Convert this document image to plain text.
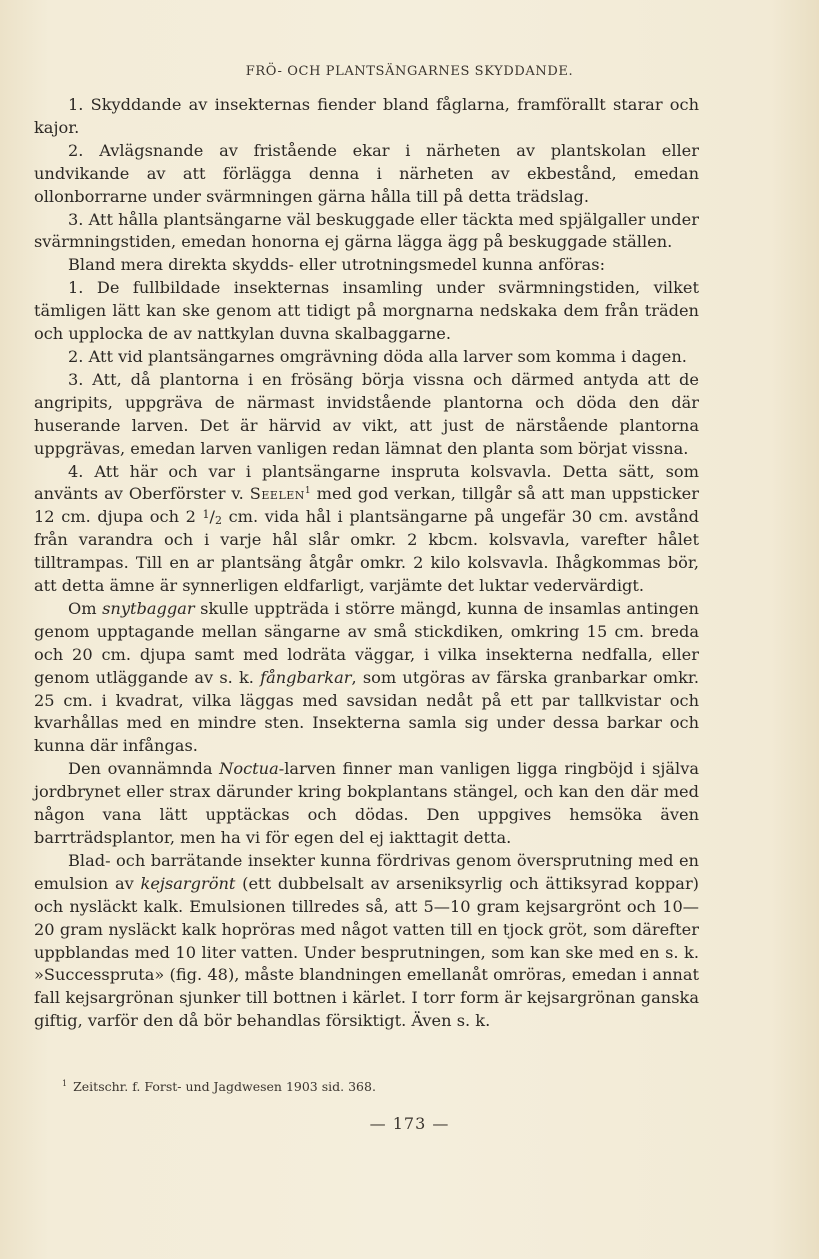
FRÖ- OCH PLANTSÄNGARNES SKYDDANDE.

1. Skyddande av insekternas fiender bland fåglarna, framförallt starar och kajor.

2. Avlägsnande av fristående ekar i närheten av plantskolan eller undvikande av att förlägga denna i närheten av ekbestånd, emedan ollonborrarne under svärmningen gärna hålla till på detta trädslag.

3. Att hålla plantsängarne väl beskuggade eller täckta med spjälgaller under svärmningstiden, emedan honorna ej gärna lägga ägg på beskuggade ställen.

Bland mera direkta skydds- eller utrotningsmedel kunna anföras:

1. De fullbildade insekternas insamling under svärmningstiden, vilket tämligen lätt kan ske genom att tidigt på morgnarna nedskaka dem från träden och upplocka de av nattkylan duvna skalbaggarne.

2. Att vid plantsängarnes omgrävning döda alla larver som komma i dagen.

3. Att, då plantorna i en frösäng börja vissna och därmed antyda att de angripits, uppgräva de närmast invidstående plantorna och döda den där huserande larven. Det är härvid av vikt, att just de närstående plantorna uppgrävas, emedan larven vanligen redan lämnat den planta som börjat vissna.

4. Att här och var i plantsängarne inspruta kolsvavla. Detta sätt, som använts av Oberförster v. Seelen$^1$ med god verkan, tillgår så att man uppsticker 12 cm. djupa och 2 $^1$/2 cm. vida hål i plantsängarne på ungefär 30 cm. avstånd från varandra och i varje hål slår omkr. 2 kbcm. kolsvavla, varefter hålet tilltrampas. Till en ar plantsäng åtgår omkr. 2 kilo kolsvavla. Ihågkommas bör, att detta ämne är synnerligen eldfarligt, varjämte det luktar vedervärdigt.

Om snytbaggar skulle uppträda i större mängd, kunna de insamlas antingen genom upptagande mellan sängarne av små stickdiken, omkring 15 cm. breda och 20 cm. djupa samt med lodräta väggar, i vilka insekterna nedfalla, eller genom utläggande av s. k. fångbarkar, som utgöras av färska granbarkar omkr. 25 cm. i kvadrat, vilka läggas med savsidan nedåt på ett par tallkvistar och kvarhållas med en mindre sten. Insekterna samla sig under dessa barkar och kunna där infångas.

Den ovannämnda Noctua-larven finner man vanligen ligga ringböjd i själva jordbrynet eller strax därunder kring bokplantans stängel, och kan den där med någon vana lätt upptäckas och dödas. Den uppgives hemsöka även barrträdsplantor, men ha vi för egen del ej iakttagit detta.

Blad- och barrätande insekter kunna fördrivas genom översprutning med en emulsion av kejsargrönt (ett dubbelsalt av arseniksyrlig och ättiksyrad koppar) och nysläckt kalk. Emulsionen tillredes så, att 5—10 gram kejsargrönt och 10—20 gram nysläckt kalk hopröras med något vatten till en tjock gröt, som därefter uppblandas med 10 liter vatten. Under besprutningen, som kan ske med en s. k. »Successpruta» (fig. 48), måste blandningen emellanåt omröras, emedan i annat fall kejsargrönan sjunker till bottnen i kärlet. I torr form är kejsargrönan ganska giftig, varför den då bör behandlas försiktigt. Även s. k.

$^1$ Zeitschr. f. Forst- und Jagdwesen 1903 sid. 368.
— 173 —
